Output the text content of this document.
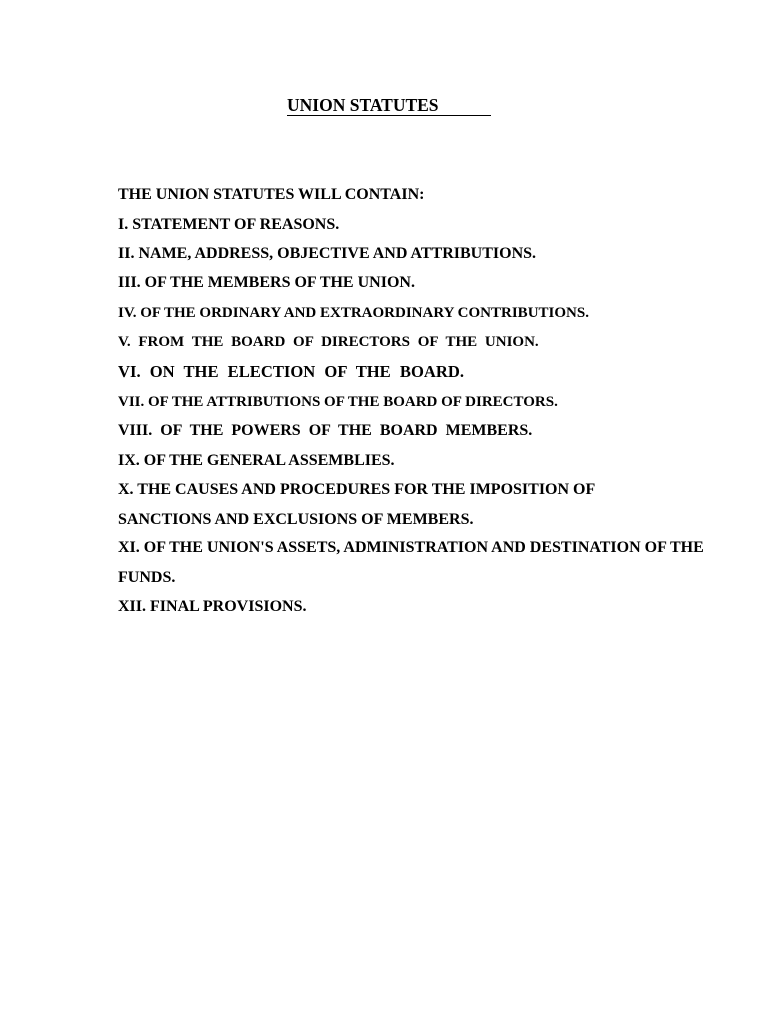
UNION STATUTES
THE UNION STATUTES WILL CONTAIN:
I. STATEMENT OF REASONS.
II. NAME, ADDRESS, OBJECTIVE AND ATTRIBUTIONS.
III. OF THE MEMBERS OF THE UNION.
IV. OF THE ORDINARY AND EXTRAORDINARY CONTRIBUTIONS.
V. FROM THE BOARD OF DIRECTORS OF THE UNION.
VI. ON THE ELECTION OF THE BOARD.
VII. OF THE ATTRIBUTIONS OF THE BOARD OF DIRECTORS.
VIII. OF THE POWERS OF THE BOARD MEMBERS.
IX. OF THE GENERAL ASSEMBLIES.
X. THE CAUSES AND PROCEDURES FOR THE IMPOSITION OF
SANCTIONS AND EXCLUSIONS OF MEMBERS.
XI. OF THE UNION'S ASSETS, ADMINISTRATION AND DESTINATION OF THE
FUNDS.
XII. FINAL PROVISIONS.
